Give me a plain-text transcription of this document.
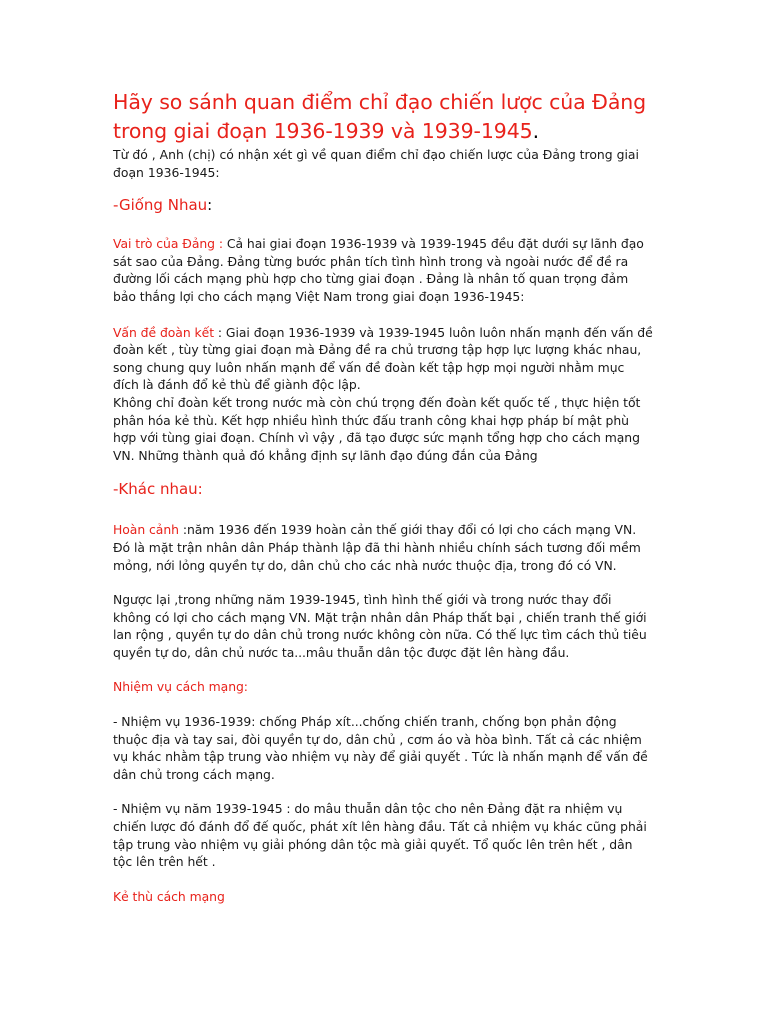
Hãy so sánh quan điểm chỉ đạo chiến lược của Đảng trong giai đoạn 1936-1939 và 1939-1945.

Từ đó , Anh (chị) có nhận xét gì về quan điểm chỉ đạo chiến lược của Đảng trong giai đoạn 1936-1945:

-Giống Nhau:

Vai trò của Đảng : Cả hai giai đoạn 1936-1939 và 1939-1945 đều đặt dưới sự lãnh đạo sát sao của Đảng. Đảng từng bước phân tích tình hình trong và ngoài nước để đề ra đường lối cách mạng phù hợp cho từng giai đoạn . Đảng là nhân tố quan trọng đảm bảo thắng lợi cho cách mạng Việt Nam trong giai đoạn 1936-1945:

Vấn đề đoàn kết : Giai đoạn 1936-1939 và 1939-1945 luôn luôn nhấn mạnh đến vấn đề đoàn kết , tùy từng giai đoạn mà Đảng đề ra chủ trương tập hợp lực lượng khác nhau, song chung quy luôn nhấn mạnh để vấn đề đoàn kết tập hợp mọi người nhằm mục đích là đánh đổ kẻ thù để giành độc lập.

Không chỉ đoàn kết trong nước mà còn chú trọng đến đoàn kết quốc tế , thực hiện tốt phân hóa kẻ thù. Kết hợp nhiều hình thức đấu tranh công khai hợp pháp bí mật phù hợp với tùng giai đoạn. Chính vì vậy , đã tạo được sức mạnh tổng hợp cho cách mạng VN. Những thành quả đó khẳng định sự lãnh đạo đúng đắn của Đảng

-Khác nhau:

Hoàn cảnh :năm 1936 đến 1939 hoàn cản thế giới thay đổi có lợi cho cách mạng VN. Đó là mặt trận nhân dân Pháp thành lập đã thi hành nhiều chính sách tương đối mềm mỏng, nới lỏng quyền tự do, dân chủ cho các nhà nước thuộc địa, trong đó có VN.

Ngược lại ,trong những năm 1939-1945, tình hình thế giới và trong nước thay đổi không có lợi cho cách mạng VN. Mặt trận nhân dân Pháp thất bại , chiến tranh thế giới lan rộng , quyền tự do dân chủ trong nước không còn nữa. Có thế lực tìm cách thủ tiêu quyền tự do, dân chủ nước ta...mâu thuẫn dân tộc được đặt lên hàng đầu.

Nhiệm vụ cách mạng:

- Nhiệm vụ 1936-1939: chống Pháp xít...chống chiến tranh, chống bọn phản động thuộc địa và tay sai, đòi quyền tự do, dân chủ , cơm áo và hòa bình. Tất cả các nhiệm vụ khác nhằm tập trung vào nhiệm vụ này để giải quyết . Tức là nhấn mạnh để vấn đề dân chủ trong cách mạng.

- Nhiệm vụ năm 1939-1945 : do mâu thuẫn dân tộc cho nên Đảng đặt ra nhiệm vụ chiến lược đó đánh đổ đế quốc, phát xít lên hàng đầu. Tất cả nhiệm vụ khác cũng phải tập trung vào nhiệm vụ giải phóng dân tộc mà giải quyết. Tổ quốc lên trên hết , dân tộc lên trên hết .

Kẻ thù cách mạng
